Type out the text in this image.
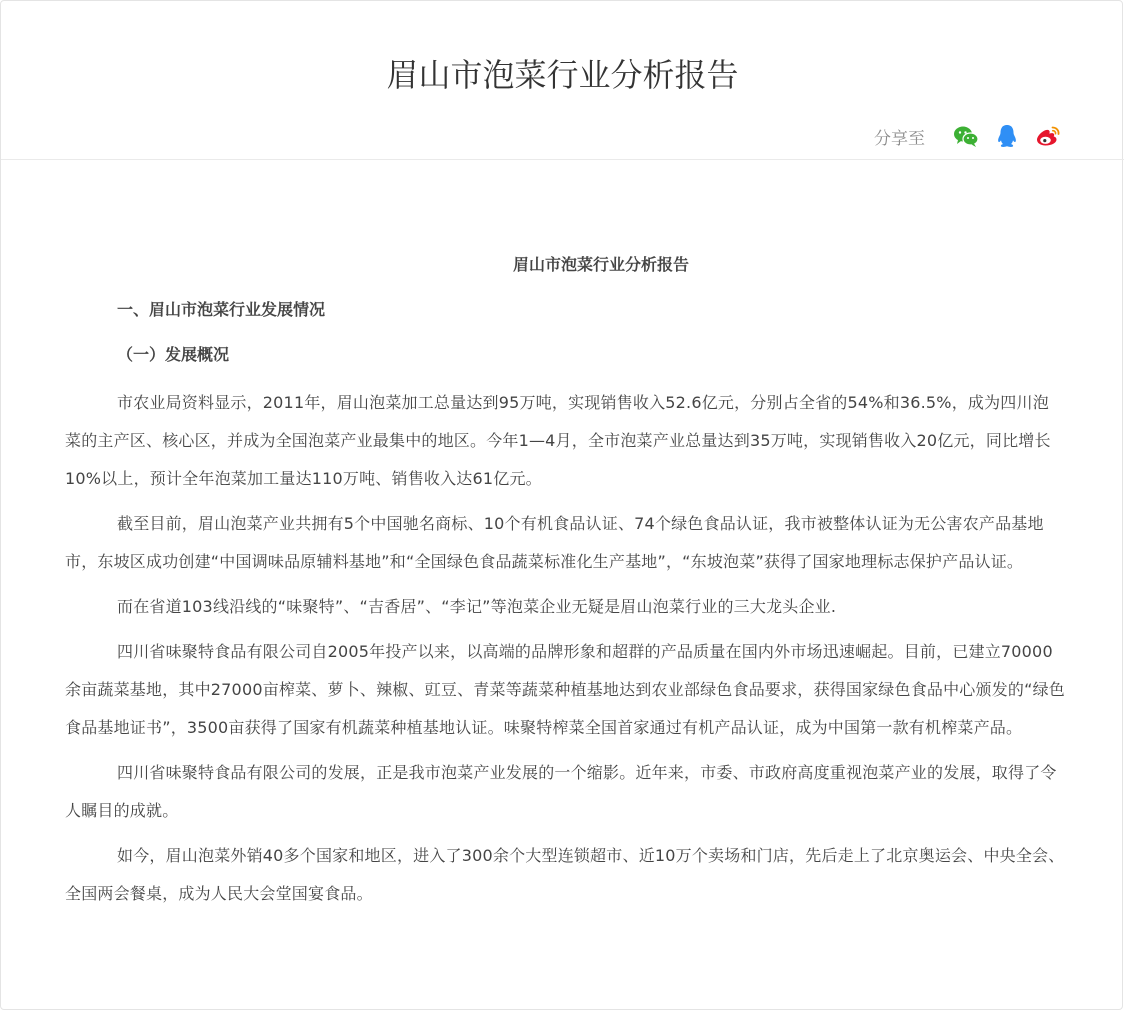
眉山市泡菜行业分析报告
分享至

眉山市泡菜行业分析报告

一、眉山市泡菜行业发展情况

（一）发展概况

市农业局资料显示，2011年，眉山泡菜加工总量达到95万吨，实现销售收入52.6亿元，分别占全省的54%和36.5%，成为四川泡菜的主产区、核心区，并成为全国泡菜产业最集中的地区。今年1—4月，全市泡菜产业总量达到35万吨，实现销售收入20亿元，同比增长10%以上，预计全年泡菜加工量达110万吨、销售收入达61亿元。

截至目前，眉山泡菜产业共拥有5个中国驰名商标、10个有机食品认证、74个绿色食品认证，我市被整体认证为无公害农产品基地市，东坡区成功创建“中国调味品原辅料基地”和“全国绿色食品蔬菜标准化生产基地”，“东坡泡菜”获得了国家地理标志保护产品认证。

而在省道103线沿线的“味聚特”、“吉香居”、“李记”等泡菜企业无疑是眉山泡菜行业的三大龙头企业.

四川省味聚特食品有限公司自2005年投产以来，以高端的品牌形象和超群的产品质量在国内外市场迅速崛起。目前，已建立70000余亩蔬菜基地，其中27000亩榨菜、萝卜、辣椒、豇豆、青菜等蔬菜种植基地达到农业部绿色食品要求，获得国家绿色食品中心颁发的“绿色食品基地证书”，3500亩获得了国家有机蔬菜种植基地认证。味聚特榨菜全国首家通过有机产品认证，成为中国第一款有机榨菜产品。

四川省味聚特食品有限公司的发展，正是我市泡菜产业发展的一个缩影。近年来，市委、市政府高度重视泡菜产业的发展，取得了令人瞩目的成就。

如今，眉山泡菜外销40多个国家和地区，进入了300余个大型连锁超市、近10万个卖场和门店，先后走上了北京奥运会、中央全会、全国两会餐桌，成为人民大会堂国宴食品。
